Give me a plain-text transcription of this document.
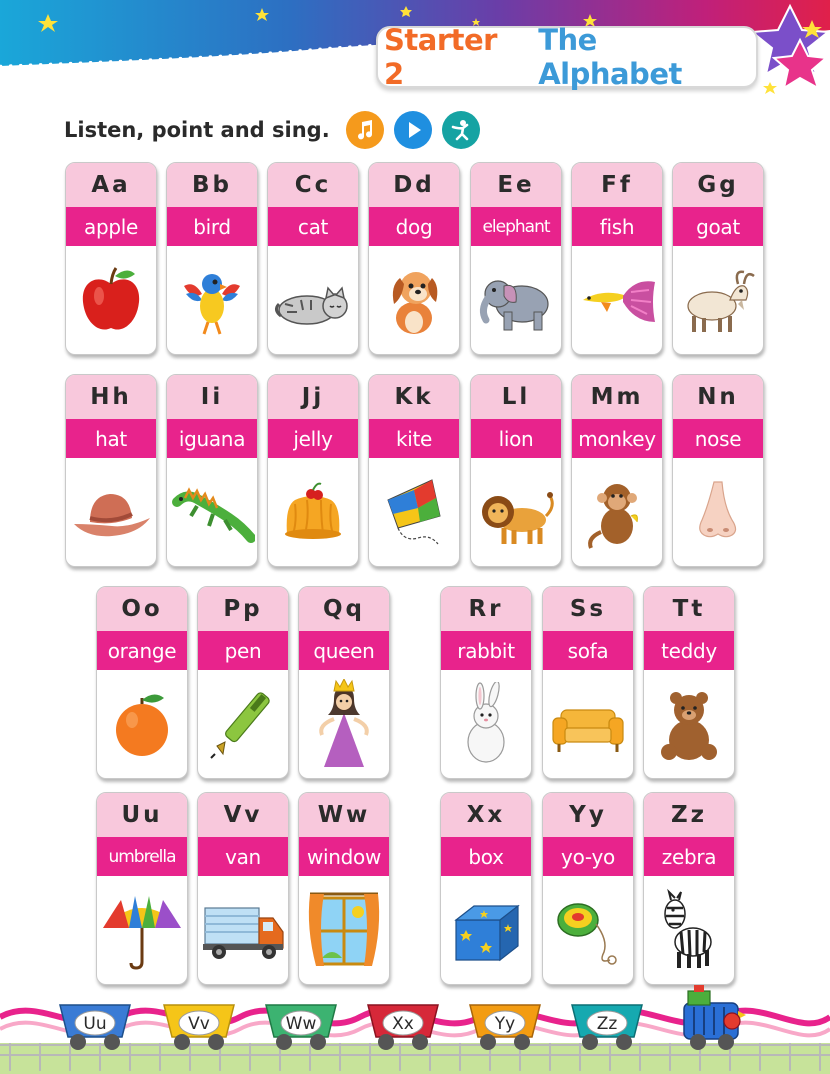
Starter 2
The Alphabet
Listen, point and sing.
Aa
apple
Bb
bird
Cc
cat
Dd
dog
Ee
elephant
Ff
fish
Gg
goat
Hh
hat
Ii
iguana
Jj
jelly
Kk
kite
Ll
lion
Mm
monkey
Nn
nose
Oo
orange
Pp
pen
Qq
queen
Rr
rabbit
Ss
sofa
Tt
teddy
Uu
umbrella
Vv
van
Ww
window
Xx
box
Yy
yo-yo
Zz
zebra
Uu	Vv	Ww	Xx	Yy	Zz
